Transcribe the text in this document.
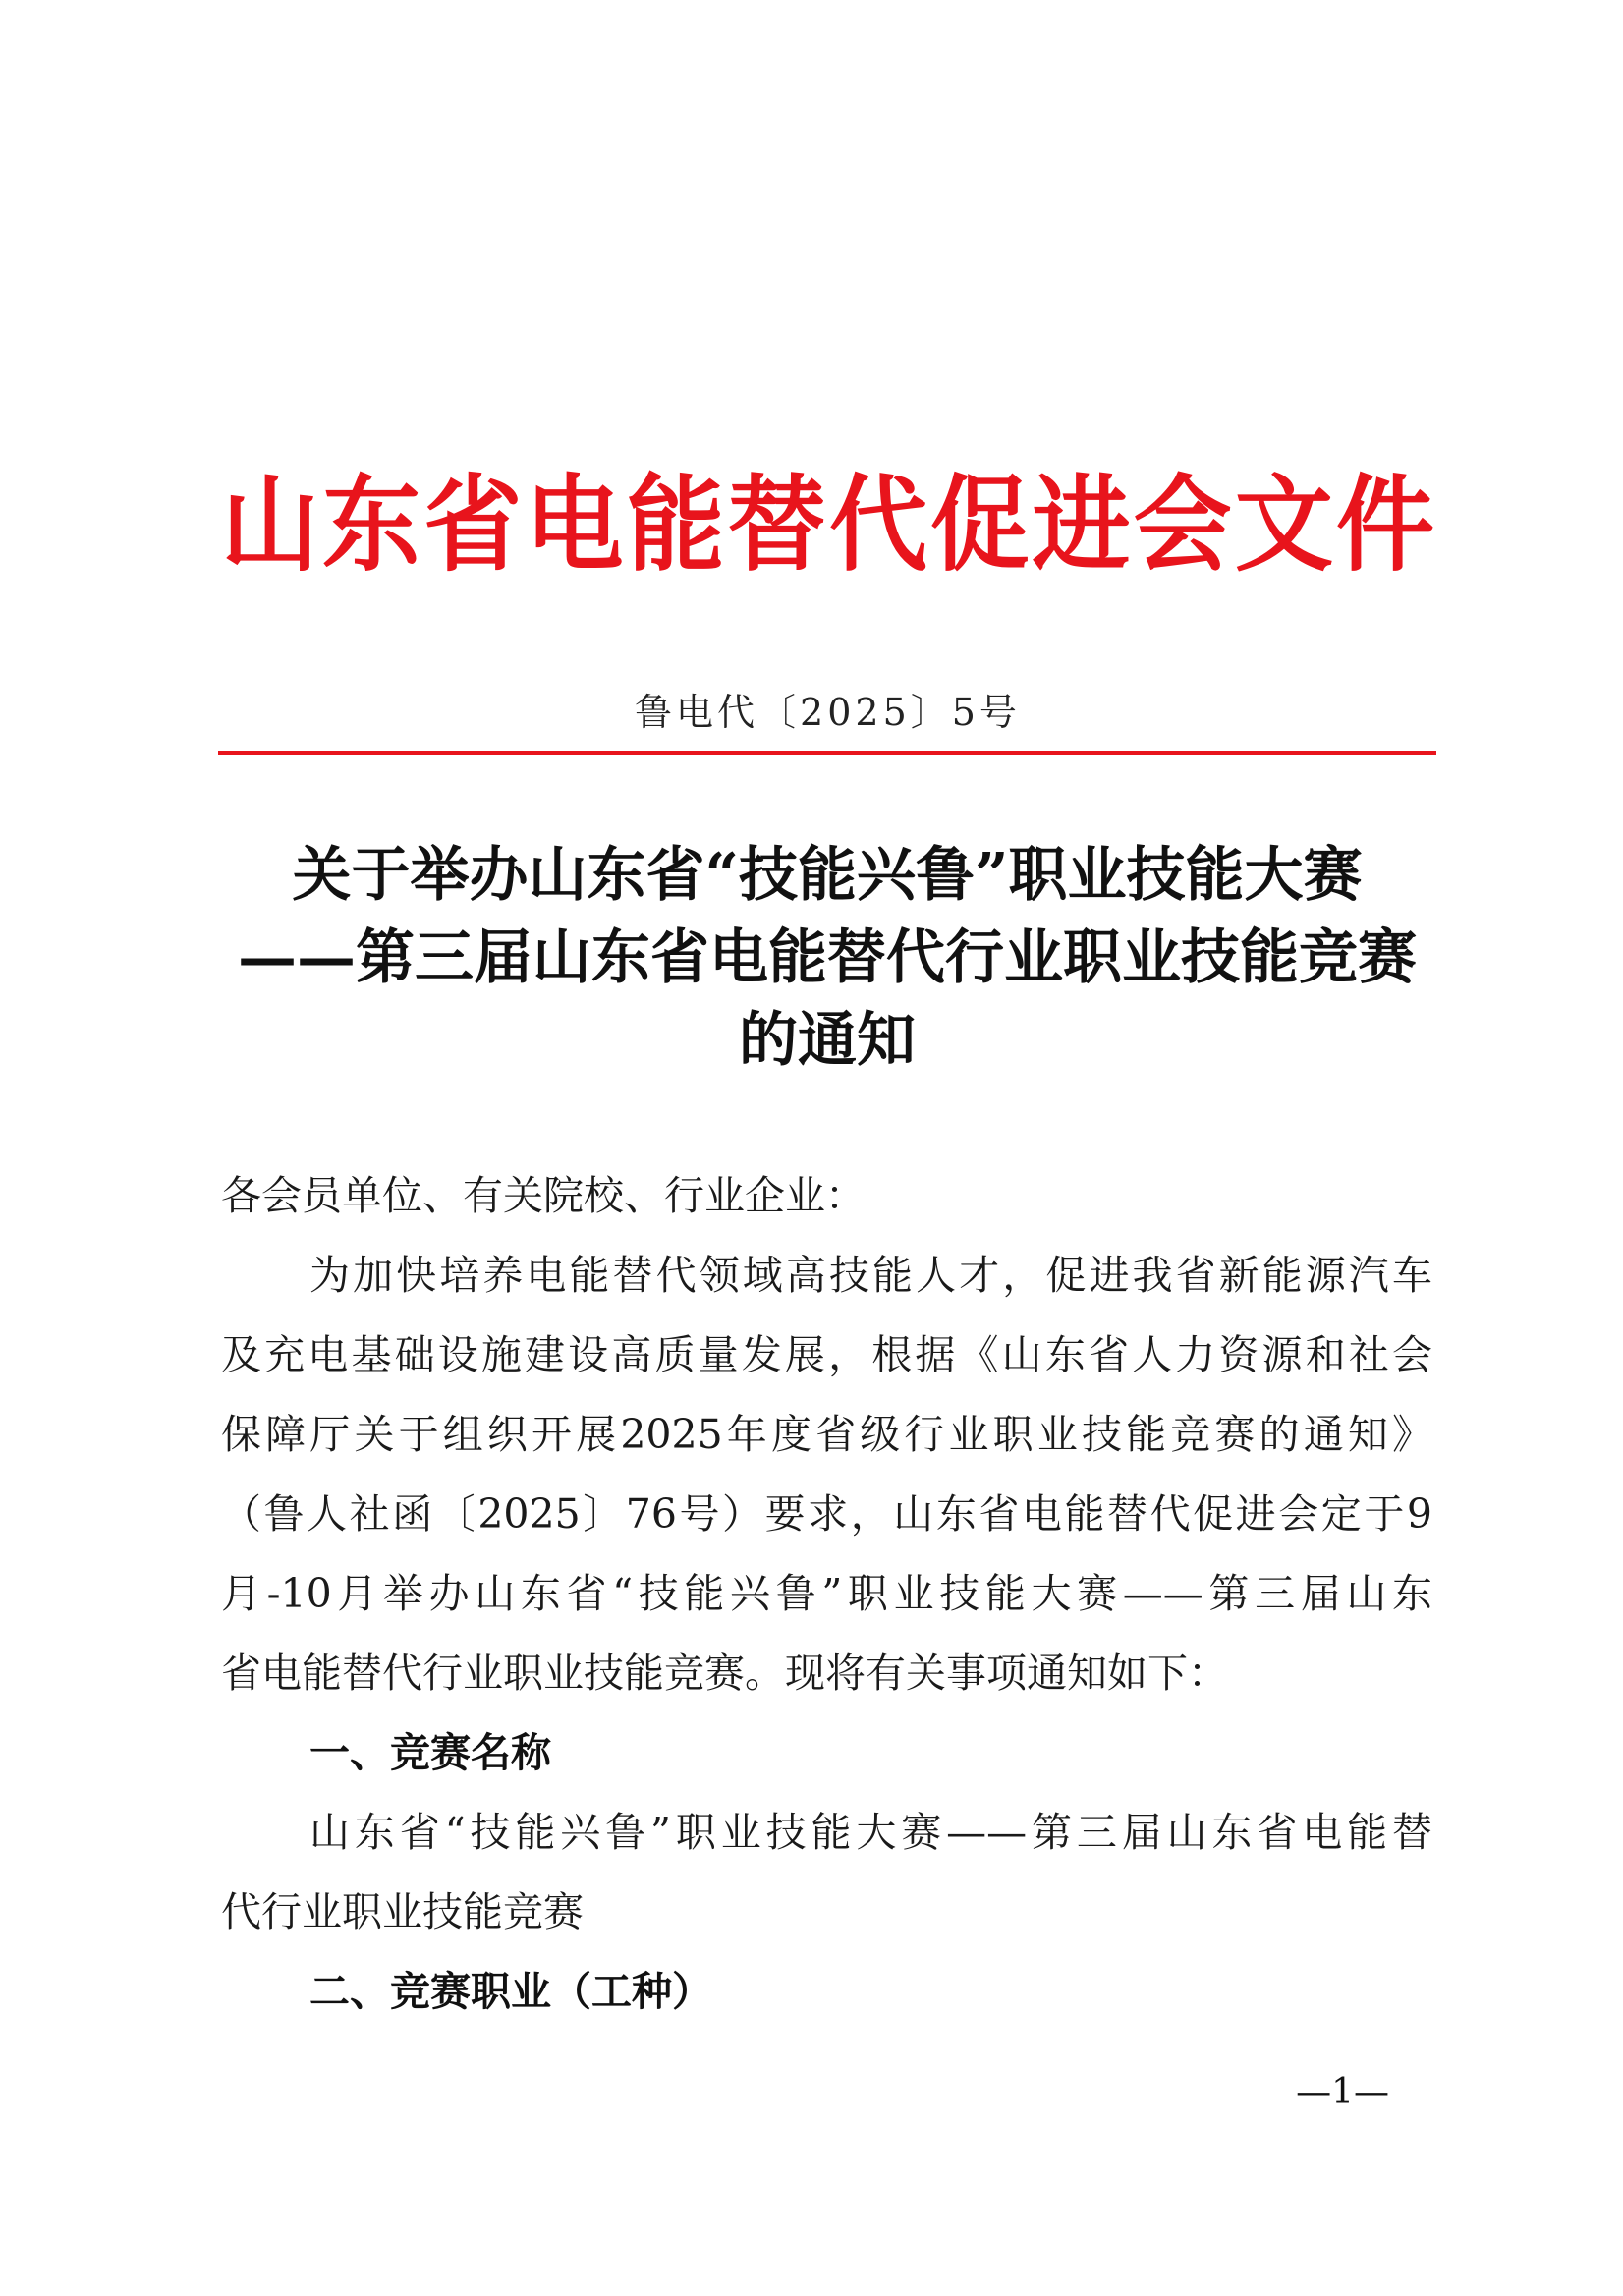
山东省电能替代促进会文件
鲁电代〔2025〕5号
关于举办山东省“技能兴鲁”职业技能大赛
——第三届山东省电能替代行业职业技能竞赛
的通知
各会员单位、有关院校、行业企业：
为加快培养电能替代领域高技能人才，促进我省新能源汽车
及充电基础设施建设高质量发展，根据《山东省人力资源和社会
保障厅关于组织开展2025年度省级行业职业技能竞赛的通知》
（鲁人社函〔2025〕76号）要求，山东省电能替代促进会定于9
月-10月举办山东省“技能兴鲁”职业技能大赛——第三届山东
省电能替代行业职业技能竞赛。现将有关事项通知如下：
一、竞赛名称
山东省“技能兴鲁”职业技能大赛——第三届山东省电能替
代行业职业技能竞赛
二、竞赛职业（工种）
—1—
